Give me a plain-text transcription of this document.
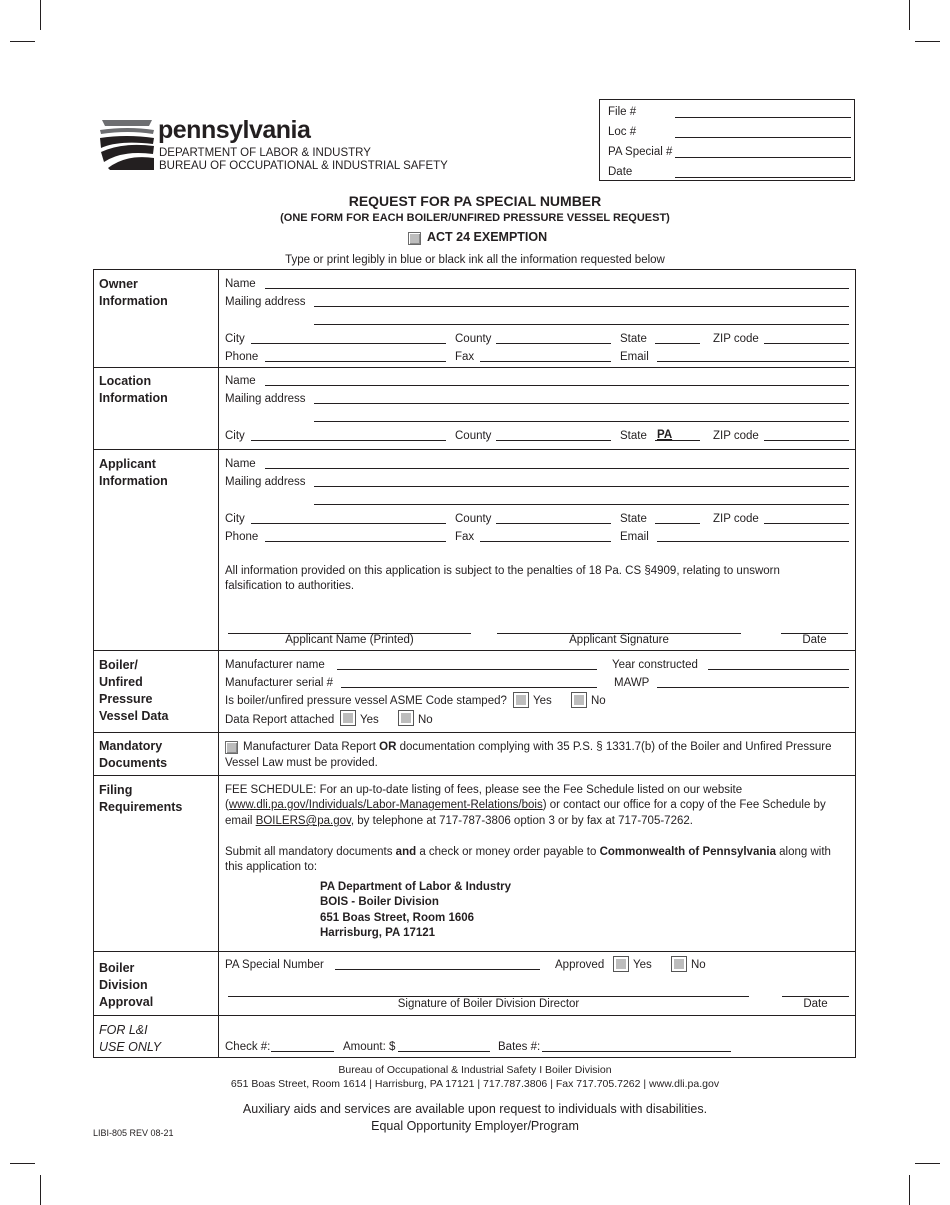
pennsylvania
DEPARTMENT OF LABOR & INDUSTRY
BUREAU OF OCCUPATIONAL & INDUSTRIAL SAFETY
File #
Loc #
PA Special #
Date
REQUEST FOR PA SPECIAL NUMBER
(ONE FORM FOR EACH BOILER/UNFIRED PRESSURE VESSEL REQUEST)
ACT 24 EXEMPTION
Type or print legibly in blue or black ink all the information requested below
Owner
Information
Name
Mailing address
City	County	State	ZIP code
Phone	Fax	Email
Location
Information
Name
Mailing address
City	County	State PA	ZIP code
Applicant
Information
Name
Mailing address
City	County	State	ZIP code
Phone	Fax	Email
All information provided on this application is subject to the penalties of 18 Pa. CS §4909, relating to unsworn falsification to authorities.
Applicant Name (Printed)	Applicant Signature	Date
Boiler/
Unfired
Pressure
Vessel Data
Manufacturer name	Year constructed
Manufacturer serial #	MAWP
Is boiler/unfired pressure vessel ASME Code stamped? Yes	No
Data Report attached Yes	No
Mandatory
Documents
Manufacturer Data Report OR documentation complying with 35 P.S. § 1331.7(b) of the Boiler and Unfired Pressure
Vessel Law must be provided.
Filing
Requirements
FEE SCHEDULE: For an up-to-date listing of fees, please see the Fee Schedule listed on our website
(www.dli.pa.gov/Individuals/Labor-Management-Relations/bois) or contact our office for a copy of the Fee Schedule by
email BOILERS@pa.gov, by telephone at 717-787-3806 option 3 or by fax at 717-705-7262.
Submit all mandatory documents and a check or money order payable to Commonwealth of Pennsylvania along with
this application to:
PA Department of Labor & Industry
BOIS - Boiler Division
651 Boas Street, Room 1606
Harrisburg, PA 17121
Boiler
Division
Approval
PA Special Number	Approved	Yes	No
Signature of Boiler Division Director	Date
FOR L&I
USE ONLY	Check #:	Amount: $	Bates #:
Bureau of Occupational & Industrial Safety I Boiler Division
651 Boas Street, Room 1614 | Harrisburg, PA 17121 | 717.787.3806 | Fax 717.705.7262 | www.dli.pa.gov
Auxiliary aids and services are available upon request to individuals with disabilities.
Equal Opportunity Employer/Program
LIBI-805 REV 08-21
